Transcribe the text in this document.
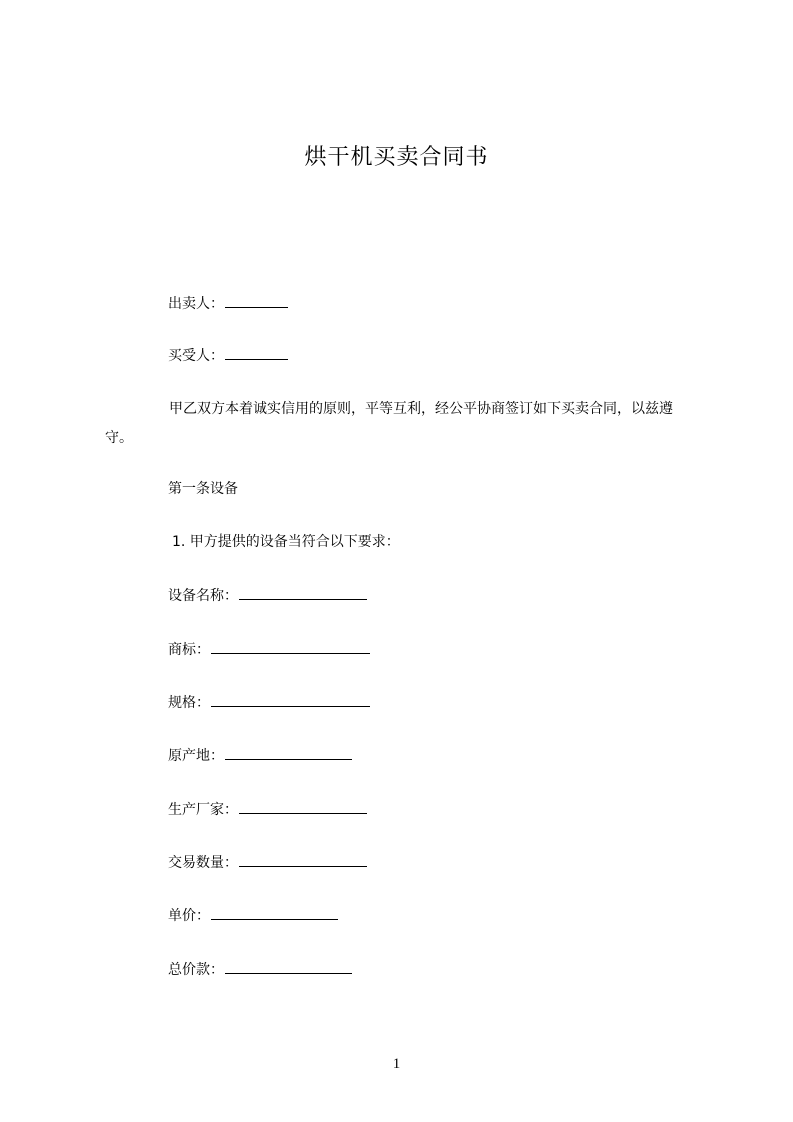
烘干机买卖合同书
出卖人：
买受人：
甲乙双方本着诚实信用的原则，平等互利，经公平协商签订如下买卖合同，以兹遵守。
第一条设备
1. 甲方提供的设备当符合以下要求：
设备名称：
商标：
规格：
原产地：
生产厂家：
交易数量：
单价：
总价款：
1
